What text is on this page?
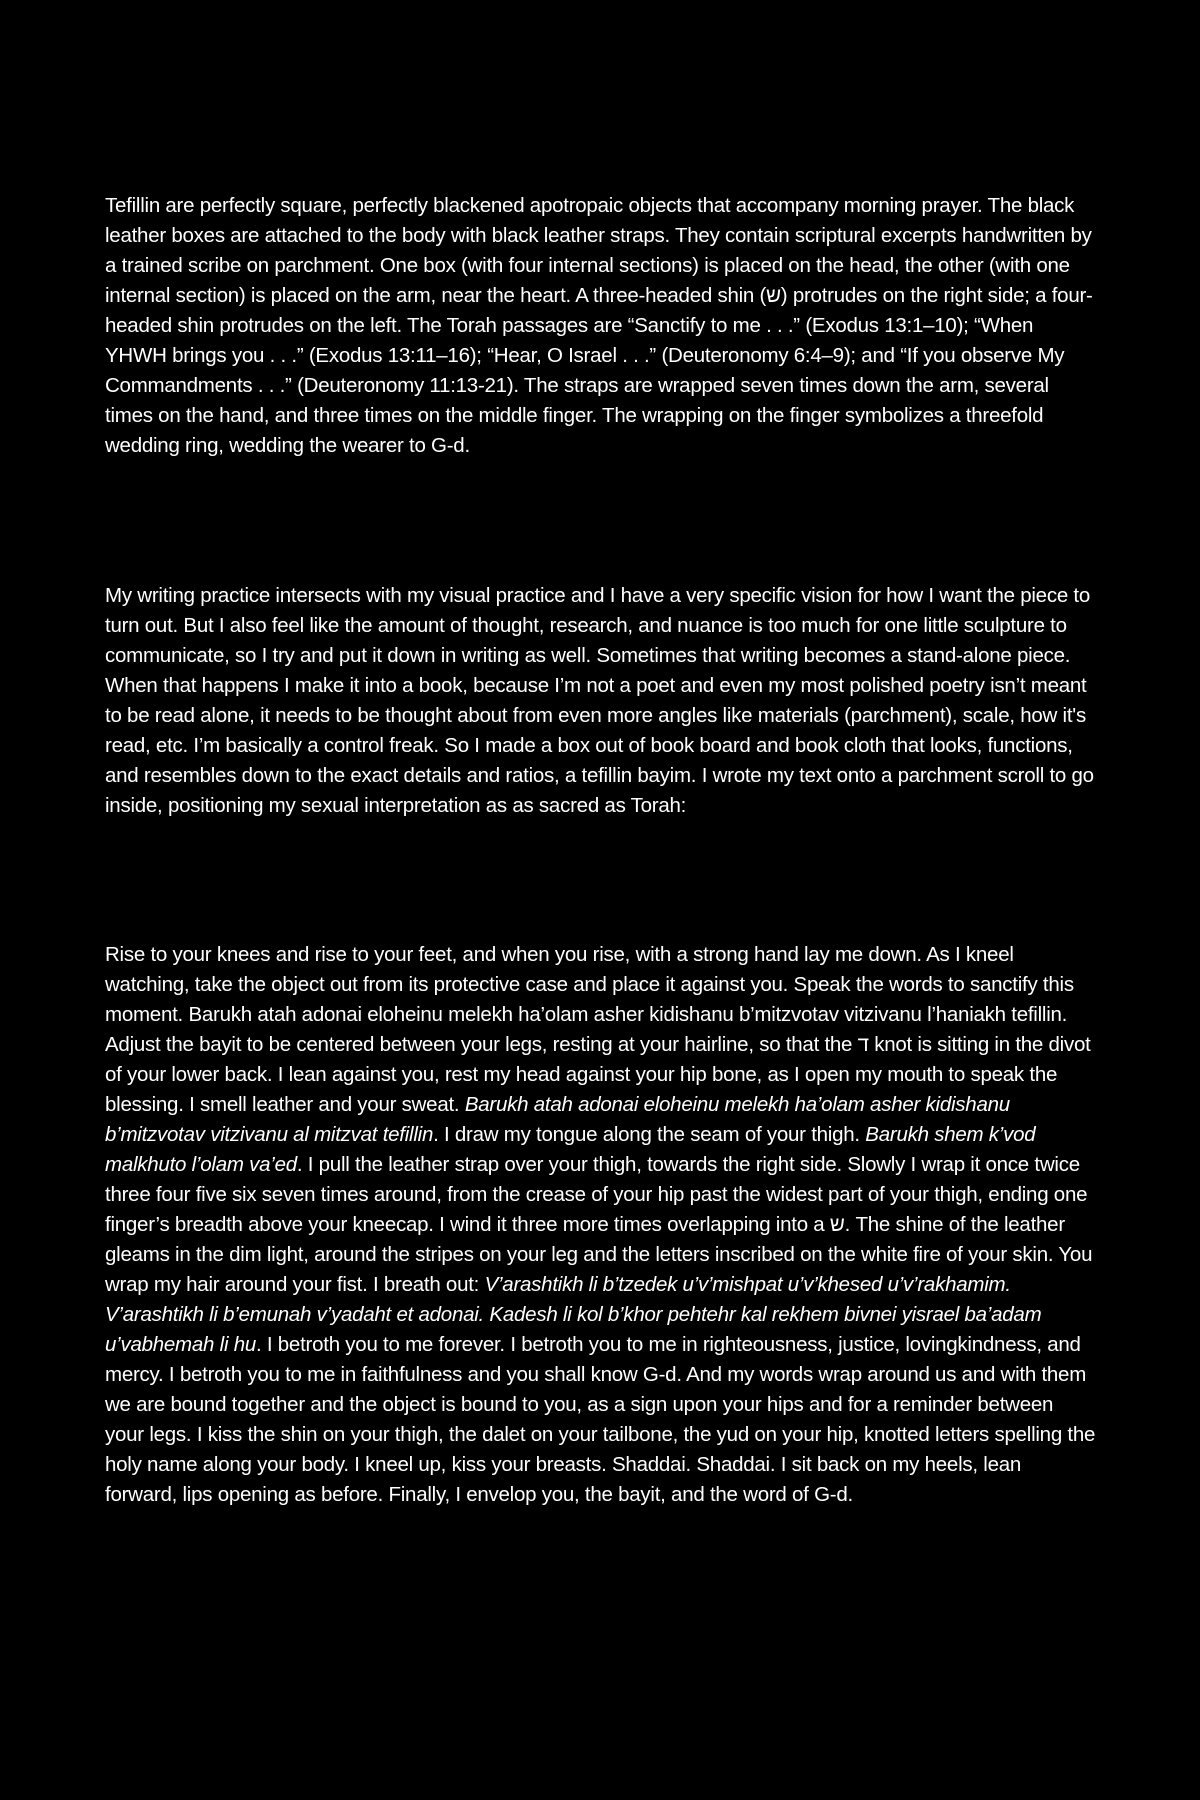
Tefillin are perfectly square, perfectly blackened apotropaic objects that accompany morning prayer. The black leather boxes are attached to the body with black leather straps. They contain scriptural excerpts handwritten by a trained scribe on parchment. One box (with four internal sections) is placed on the head, the other (with one internal section) is placed on the arm, near the heart. A three-headed shin (ש) protrudes on the right side; a four-headed shin protrudes on the left. The Torah passages are “Sanctify to me . . .” (Exodus 13:1–10); “When YHWH brings you . . .” (Exodus 13:11–16); “Hear, O Israel . . .” (Deuteronomy 6:4–9); and “If you observe My Commandments . . .” (Deuteronomy 11:13-21). The straps are wrapped seven times down the arm, several times on the hand, and three times on the middle finger. The wrapping on the finger symbolizes a threefold wedding ring, wedding the wearer to G-d.

My writing practice intersects with my visual practice and I have a very specific vision for how I want the piece to turn out. But I also feel like the amount of thought, research, and nuance is too much for one little sculpture to communicate, so I try and put it down in writing as well. Sometimes that writing becomes a stand-alone piece. When that happens I make it into a book, because I’m not a poet and even my most polished poetry isn’t meant to be read alone, it needs to be thought about from even more angles like materials (parchment), scale, how it's read, etc. I’m basically a control freak. So I made a box out of book board and book cloth that looks, functions, and resembles down to the exact details and ratios, a tefillin bayim. I wrote my text onto a parchment scroll to go inside, positioning my sexual interpretation as as sacred as Torah:

Rise to your knees and rise to your feet, and when you rise, with a strong hand lay me down. As I kneel watching, take the object out from its protective case and place it against you. Speak the words to sanctify this moment. Barukh atah adonai eloheinu melekh ha’olam asher kidishanu b’mitzvotav vitzivanu l’haniakh tefillin. Adjust the bayit to be centered between your legs, resting at your hairline, so that the ד knot is sitting in the divot of your lower back. I lean against you, rest my head against your hip bone, as I open my mouth to speak the blessing. I smell leather and your sweat. Barukh atah adonai eloheinu melekh ha’olam asher kidishanu b’mitzvotav vitzivanu al mitzvat tefillin. I draw my tongue along the seam of your thigh. Barukh shem k’vod malkhuto l’olam va’ed. I pull the leather strap over your thigh, towards the right side. Slowly I wrap it once twice three four five six seven times around, from the crease of your hip past the widest part of your thigh, ending one finger’s breadth above your kneecap. I wind it three more times overlapping into a ש. The shine of the leather gleams in the dim light, around the stripes on your leg and the letters inscribed on the white fire of your skin. You wrap my hair around your fist. I breath out: V’arashtikh li b’tzedek u’v’mishpat u’v’khesed u’v’rakhamim. V’arashtikh li b’emunah v’yadaht et adonai. Kadesh li kol b’khor pehtehr kal rekhem bivnei yisrael ba’adam u’vabhemah li hu. I betroth you to me forever. I betroth you to me in righteousness, justice, lovingkindness, and mercy. I betroth you to me in faithfulness and you shall know G-d. And my words wrap around us and with them we are bound together and the object is bound to you, as a sign upon your hips and for a reminder between your legs. I kiss the shin on your thigh, the dalet on your tailbone, the yud on your hip, knotted letters spelling the holy name along your body. I kneel up, kiss your breasts. Shaddai. Shaddai. I sit back on my heels, lean forward, lips opening as before. Finally, I envelop you, the bayit, and the word of G-d.
